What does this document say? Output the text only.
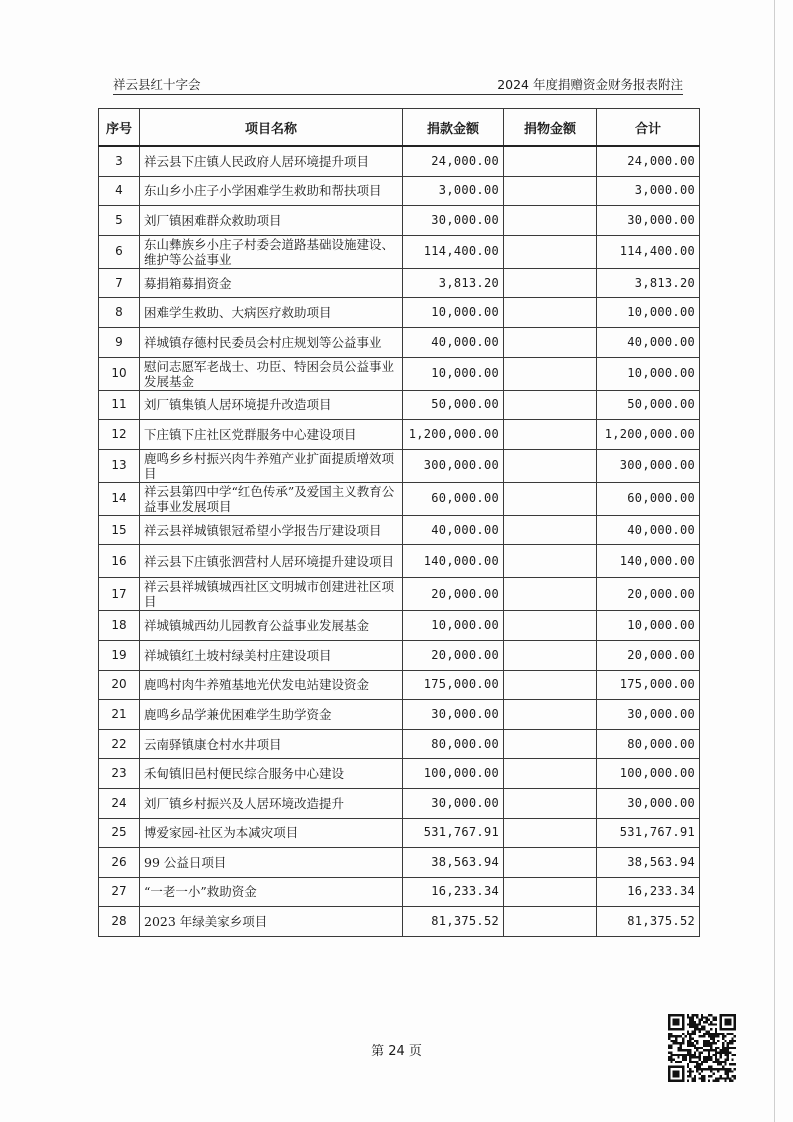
祥云县红十字会	2024 年度捐赠资金财务报表附注
序号	项目名称	捐款金额	捐物金额	合计
3	祥云县下庄镇人民政府人居环境提升项目	24,000.00		24,000.00
4	东山乡小庄子小学困难学生救助和帮扶项目	3,000.00		3,000.00
5	刘厂镇困难群众救助项目	30,000.00		30,000.00
6	东山彝族乡小庄子村委会道路基础设施建设、维护等公益事业	114,400.00		114,400.00
7	募捐箱募捐资金	3,813.20		3,813.20
8	困难学生救助、大病医疗救助项目	10,000.00		10,000.00
9	祥城镇存德村民委员会村庄规划等公益事业	40,000.00		40,000.00
10	慰问志愿军老战士、功臣、特困会员公益事业发展基金	10,000.00		10,000.00
11	刘厂镇集镇人居环境提升改造项目	50,000.00		50,000.00
12	下庄镇下庄社区党群服务中心建设项目	1,200,000.00		1,200,000.00
13	鹿鸣乡乡村振兴肉牛养殖产业扩面提质增效项目	300,000.00		300,000.00
14	祥云县第四中学“红色传承”及爱国主义教育公益事业发展项目	60,000.00		60,000.00
15	祥云县祥城镇银冠希望小学报告厅建设项目	40,000.00		40,000.00
16	祥云县下庄镇张泗营村人居环境提升建设项目	140,000.00		140,000.00
17	祥云县祥城镇城西社区文明城市创建进社区项目	20,000.00		20,000.00
18	祥城镇城西幼儿园教育公益事业发展基金	10,000.00		10,000.00
19	祥城镇红土坡村绿美村庄建设项目	20,000.00		20,000.00
20	鹿鸣村肉牛养殖基地光伏发电站建设资金	175,000.00		175,000.00
21	鹿鸣乡品学兼优困难学生助学资金	30,000.00		30,000.00
22	云南驿镇康仓村水井项目	80,000.00		80,000.00
23	禾甸镇旧邑村便民综合服务中心建设	100,000.00		100,000.00
24	刘厂镇乡村振兴及人居环境改造提升	30,000.00		30,000.00
25	博爱家园-社区为本减灾项目	531,767.91		531,767.91
26	99 公益日项目	38,563.94		38,563.94
27	“一老一小”救助资金	16,233.34		16,233.34
28	2023 年绿美家乡项目	81,375.52		81,375.52
第 24 页
